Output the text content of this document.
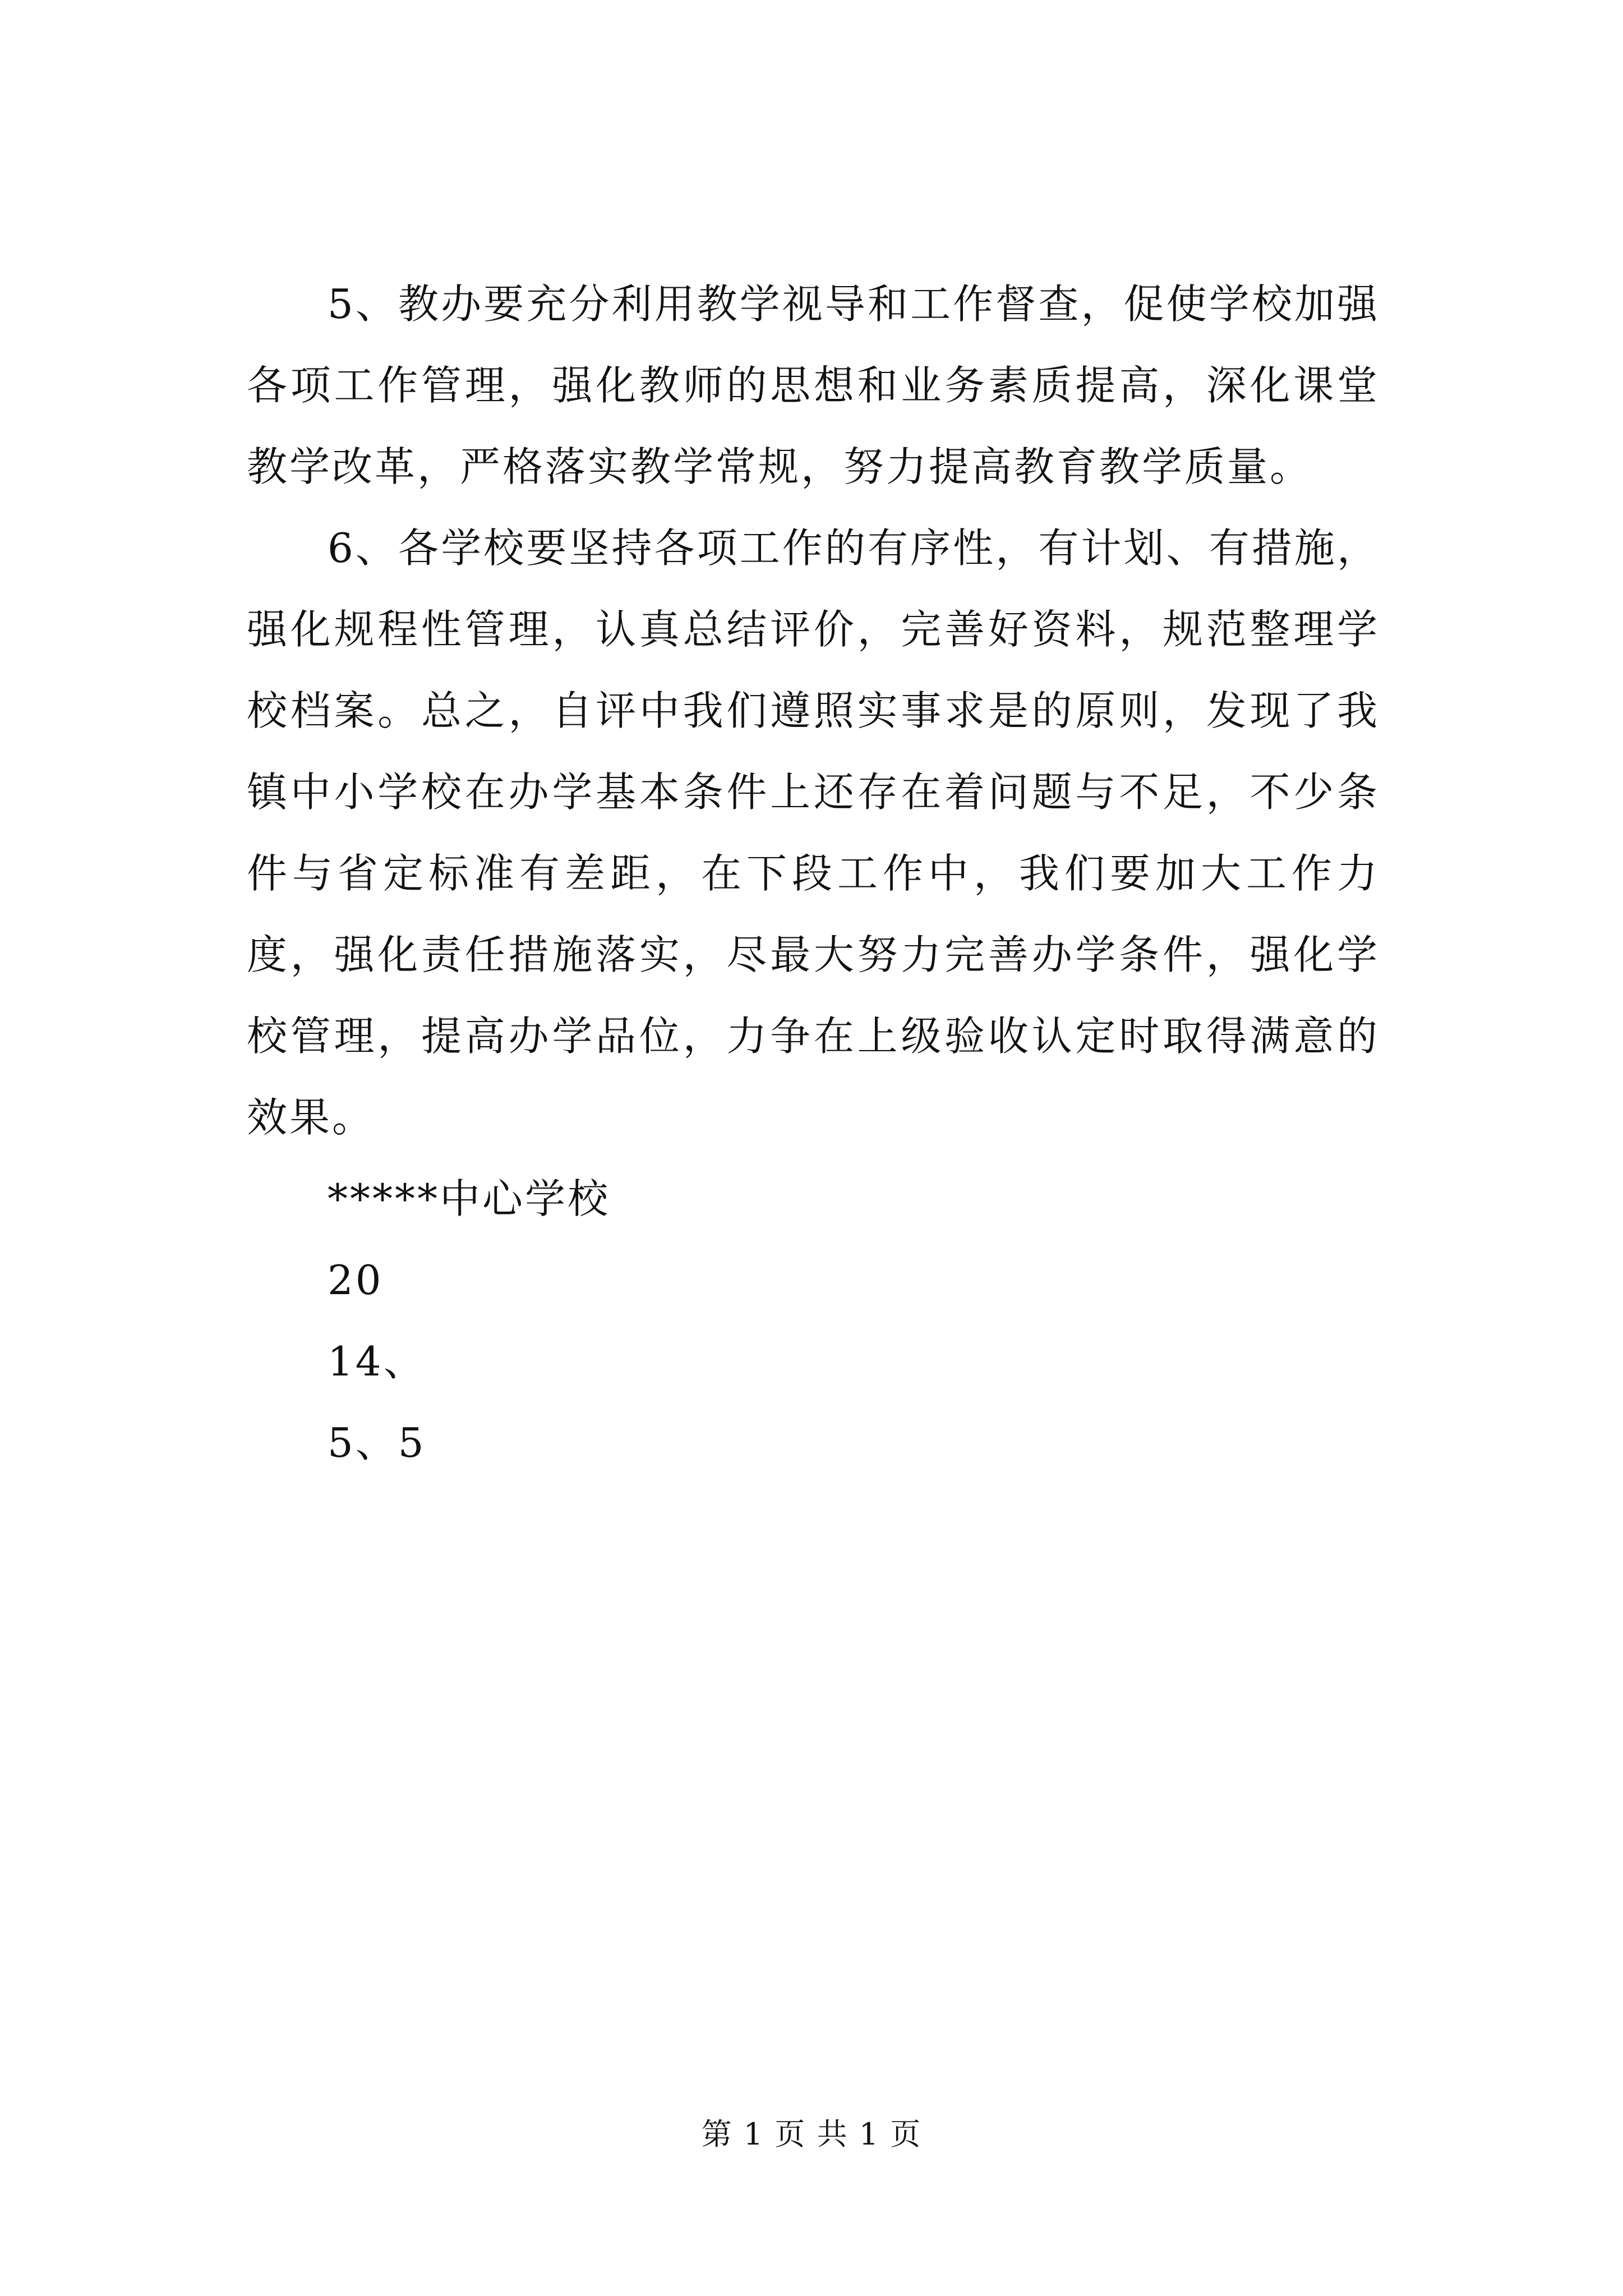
5、教办要充分利用教学视导和工作督查，促使学校加强各项工作管理，强化教师的思想和业务素质提高，深化课堂教学改革，严格落实教学常规，努力提高教育教学质量。

6、各学校要坚持各项工作的有序性，有计划、有措施，强化规程性管理，认真总结评价，完善好资料，规范整理学校档案。总之，自评中我们遵照实事求是的原则，发现了我镇中小学校在办学基本条件上还存在着问题与不足，不少条件与省定标准有差距，在下段工作中，我们要加大工作力度，强化责任措施落实，尽最大努力完善办学条件，强化学校管理，提高办学品位，力争在上级验收认定时取得满意的效果。

*****中心学校

20

14、

5、5

第 1 页 共 1 页
